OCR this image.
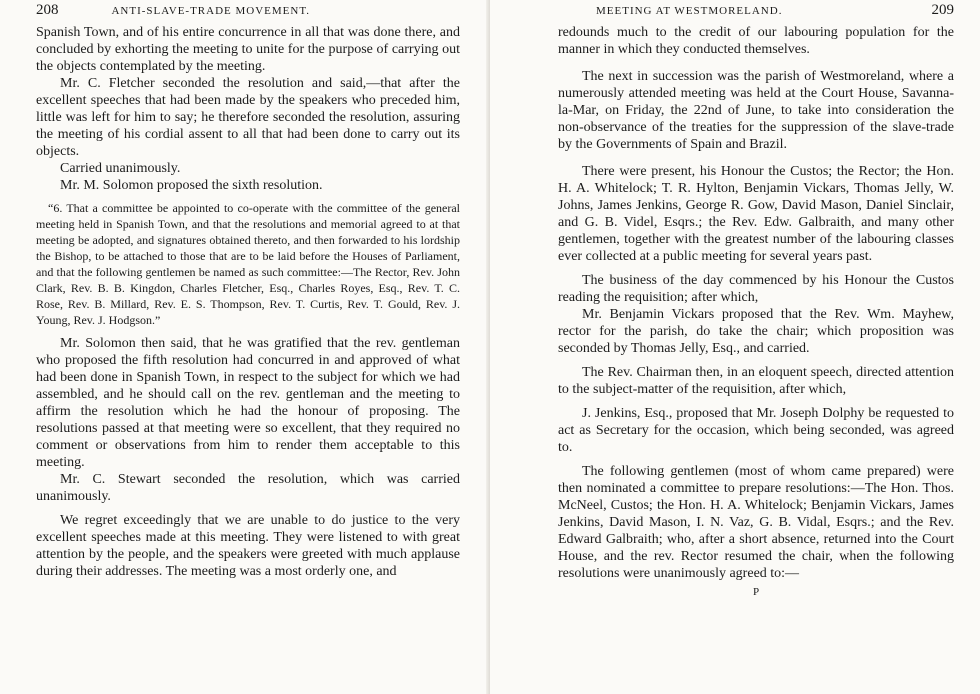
208	ANTI-SLAVE-TRADE MOVEMENT.

Spanish Town, and of his entire concurrence in all that was done there, and concluded by exhorting the meeting to unite for the purpose of carrying out the objects contemplated by the meeting.

Mr. C. Fletcher seconded the resolution and said,—that after the excellent speeches that had been made by the speakers who preceded him, little was left for him to say; he therefore seconded the resolution, assuring the meeting of his cordial assent to all that had been done to carry out its objects.

Carried unanimously.

Mr. M. Solomon proposed the sixth resolution.

“6. That a committee be appointed to co-operate with the committee of the general meeting held in Spanish Town, and that the resolutions and memorial agreed to at that meeting be adopted, and signatures obtained thereto, and then forwarded to his lordship the Bishop, to be attached to those that are to be laid before the Houses of Parliament, and that the following gentlemen be named as such committee:—The Rector, Rev. John Clark, Rev. B. B. Kingdon, Charles Fletcher, Esq., Charles Royes, Esq., Rev. T. C. Rose, Rev. B. Millard, Rev. E. S. Thompson, Rev. T. Curtis, Rev. T. Gould, Rev. J. Young, Rev. J. Hodgson.”

Mr. Solomon then said, that he was gratified that the rev. gentleman who proposed the fifth resolution had concurred in and approved of what had been done in Spanish Town, in respect to the subject for which we had assembled, and he should call on the rev. gentleman and the meeting to affirm the resolution which he had the honour of proposing. The resolutions passed at that meeting were so excellent, that they required no comment or observations from him to render them acceptable to this meeting.

Mr. C. Stewart seconded the resolution, which was carried unanimously.

We regret exceedingly that we are unable to do justice to the very excellent speeches made at this meeting. They were listened to with great attention by the people, and the speakers were greeted with much applause during their addresses. The meeting was a most orderly one, and

MEETING AT WESTMORELAND.	209

redounds much to the credit of our labouring population for the manner in which they conducted themselves.

The next in succession was the parish of Westmoreland, where a numerously attended meeting was held at the Court House, Savanna-la-Mar, on Friday, the 22nd of June, to take into consideration the non-observance of the treaties for the suppression of the slave-trade by the Governments of Spain and Brazil.

There were present, his Honour the Custos; the Rector; the Hon. H. A. Whitelock; T. R. Hylton, Benjamin Vickars, Thomas Jelly, W. Johns, James Jenkins, George R. Gow, David Mason, Daniel Sinclair, and G. B. Videl, Esqrs.; the Rev. Edw. Galbraith, and many other gentlemen, together with the greatest number of the labouring classes ever collected at a public meeting for several years past.

The business of the day commenced by his Honour the Custos reading the requisition; after which,

Mr. Benjamin Vickars proposed that the Rev. Wm. Mayhew, rector for the parish, do take the chair; which proposition was seconded by Thomas Jelly, Esq., and carried.

The Rev. Chairman then, in an eloquent speech, directed attention to the subject-matter of the requisition, after which,

J. Jenkins, Esq., proposed that Mr. Joseph Dolphy be requested to act as Secretary for the occasion, which being seconded, was agreed to.

The following gentlemen (most of whom came prepared) were then nominated a committee to prepare resolutions:—The Hon. Thos. McNeel, Custos; the Hon. H. A. Whitelock; Benjamin Vickars, James Jenkins, David Mason, I. N. Vaz, G. B. Vidal, Esqrs.; and the Rev. Edward Galbraith; who, after a short absence, returned into the Court House, and the rev. Rector resumed the chair, when the following resolutions were unanimously agreed to:—

P
